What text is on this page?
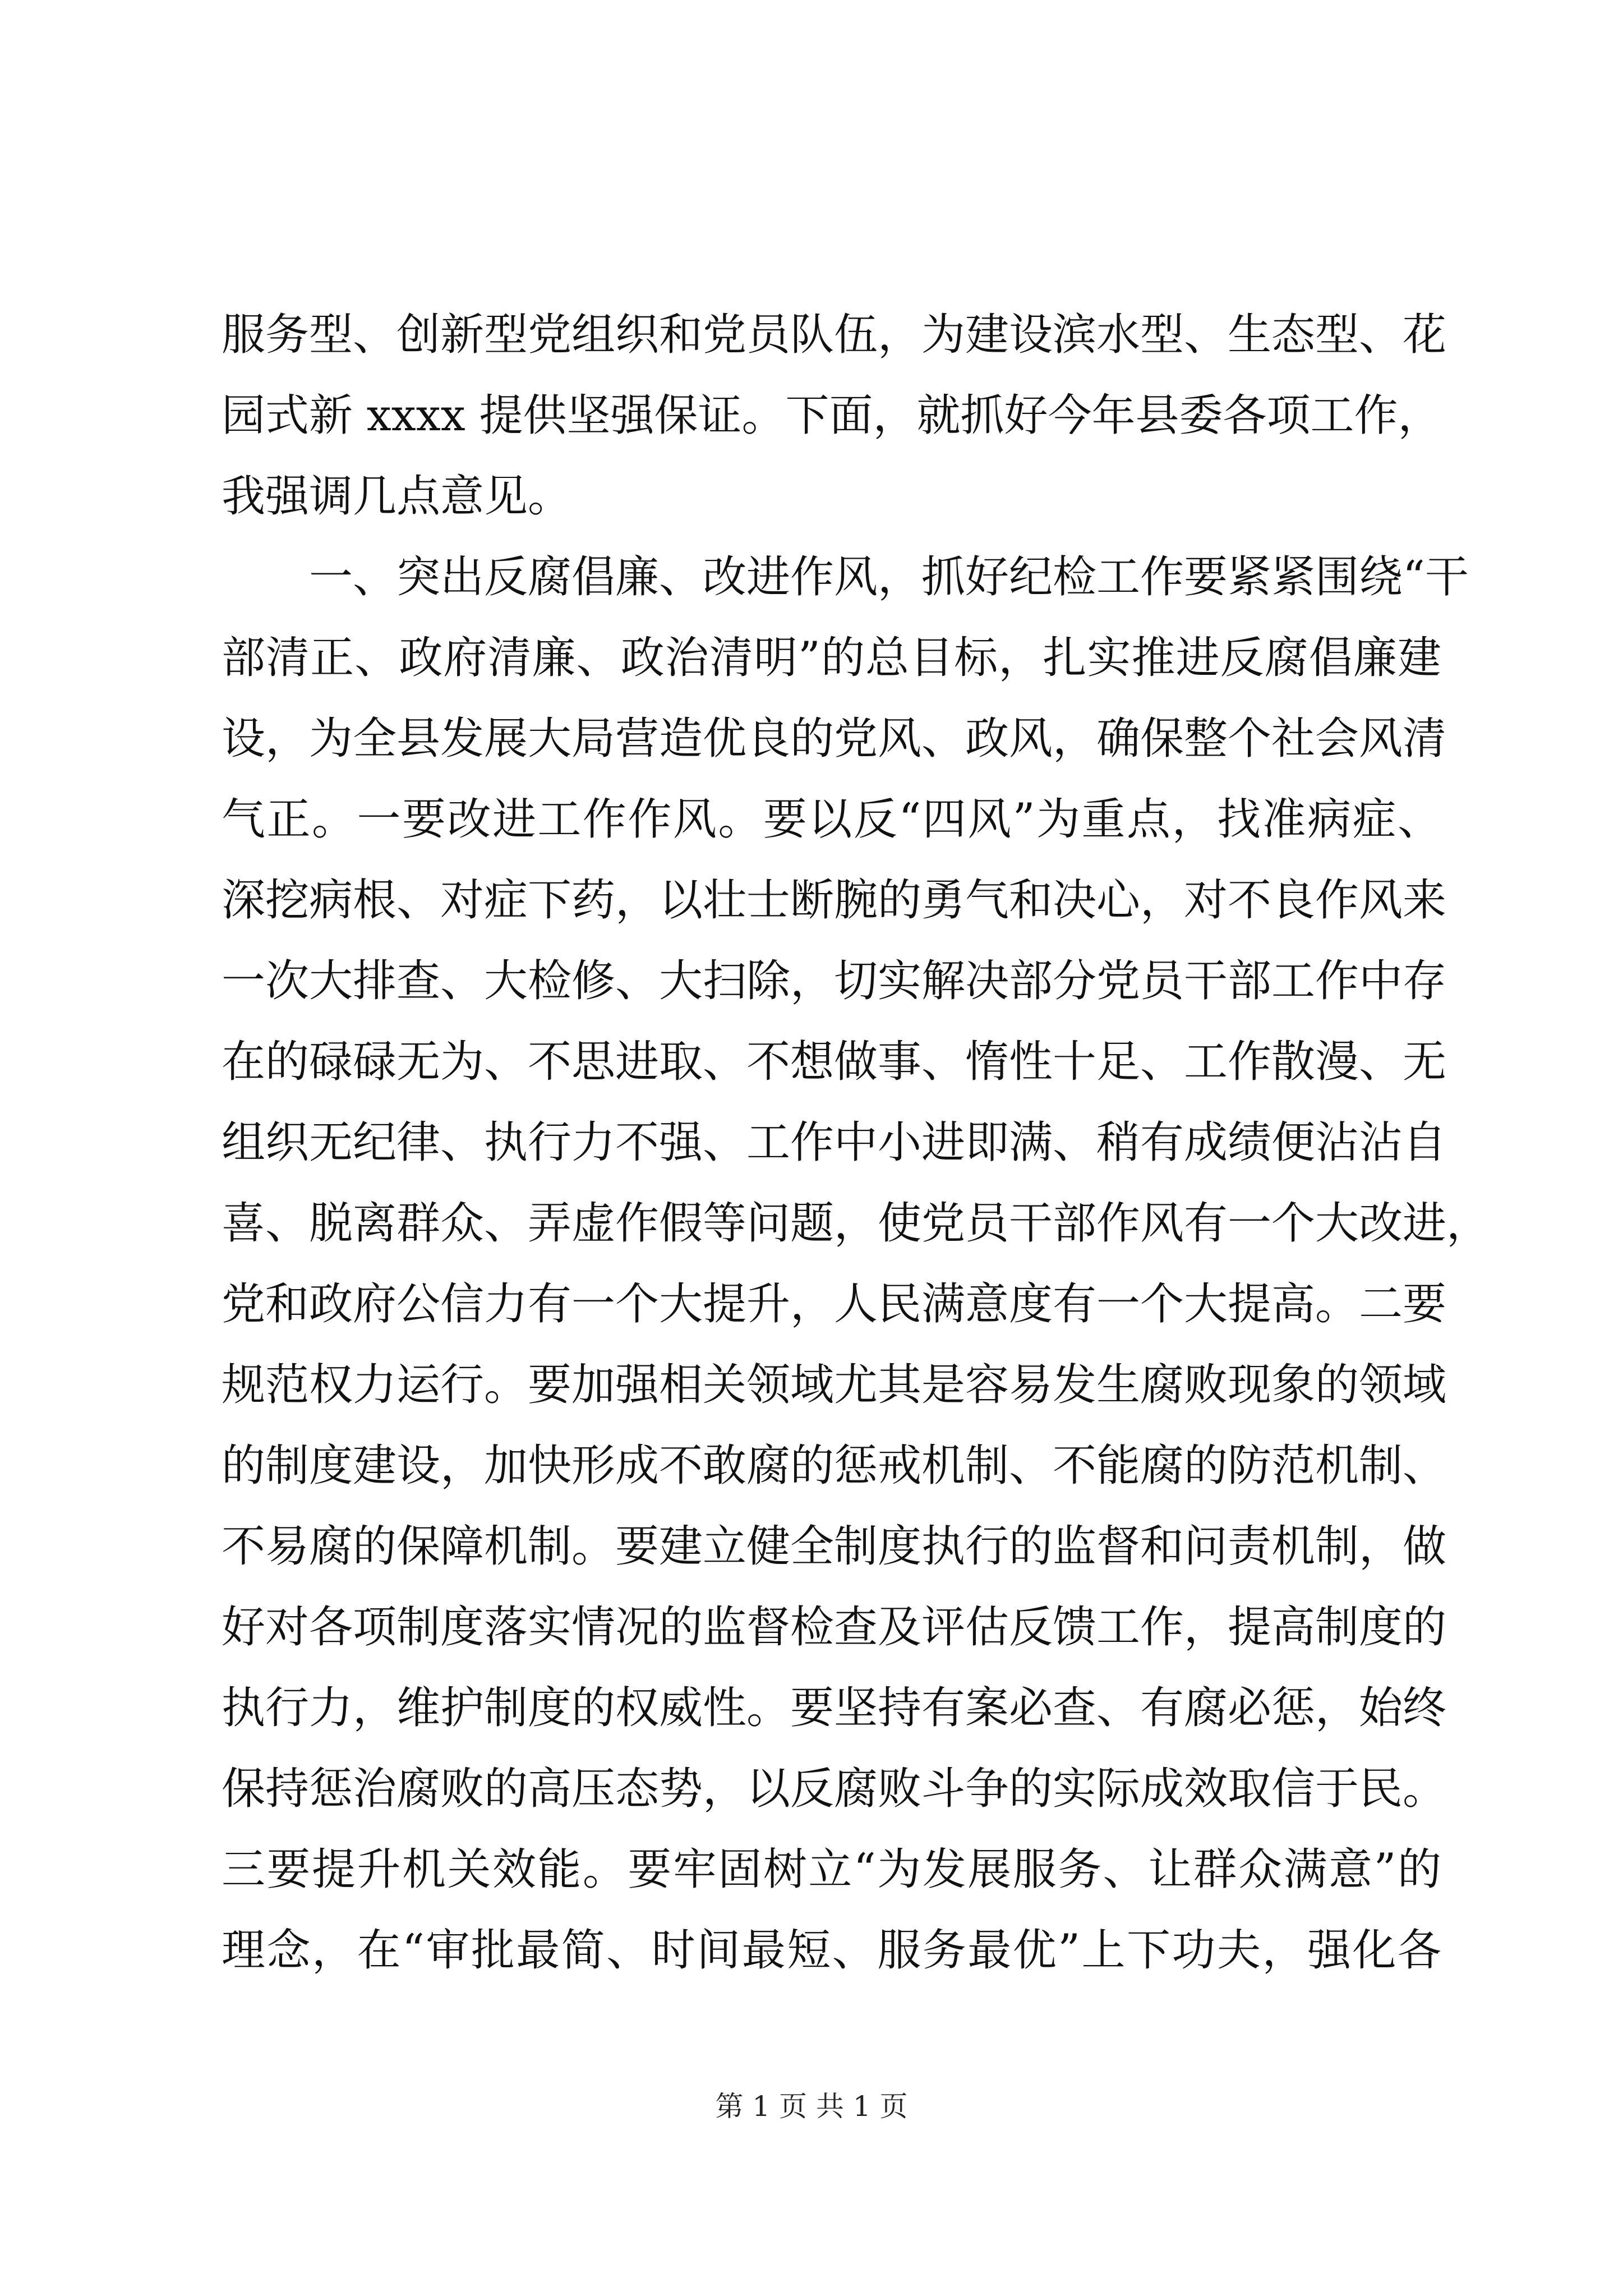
服务型、创新型党组织和党员队伍，为建设滨水型、生态型、花
园式新 xxxx 提供坚强保证。下面，就抓好今年县委各项工作，
我强调几点意见。
一、突出反腐倡廉、改进作风，抓好纪检工作要紧紧围绕“干
部清正、政府清廉、政治清明”的总目标，扎实推进反腐倡廉建
设，为全县发展大局营造优良的党风、政风，确保整个社会风清
气正。一要改进工作作风。要以反“四风”为重点，找准病症、
深挖病根、对症下药，以壮士断腕的勇气和决心，对不良作风来
一次大排查、大检修、大扫除，切实解决部分党员干部工作中存
在的碌碌无为、不思进取、不想做事、惰性十足、工作散漫、无
组织无纪律、执行力不强、工作中小进即满、稍有成绩便沾沾自
喜、脱离群众、弄虚作假等问题，使党员干部作风有一个大改进，
党和政府公信力有一个大提升，人民满意度有一个大提高。二要
规范权力运行。要加强相关领域尤其是容易发生腐败现象的领域
的制度建设，加快形成不敢腐的惩戒机制、不能腐的防范机制、
不易腐的保障机制。要建立健全制度执行的监督和问责机制，做
好对各项制度落实情况的监督检查及评估反馈工作，提高制度的
执行力，维护制度的权威性。要坚持有案必查、有腐必惩，始终
保持惩治腐败的高压态势，以反腐败斗争的实际成效取信于民。
三要提升机关效能。要牢固树立“为发展服务、让群众满意”的
理念，在“审批最简、时间最短、服务最优”上下功夫，强化各
第 1 页 共 1 页
